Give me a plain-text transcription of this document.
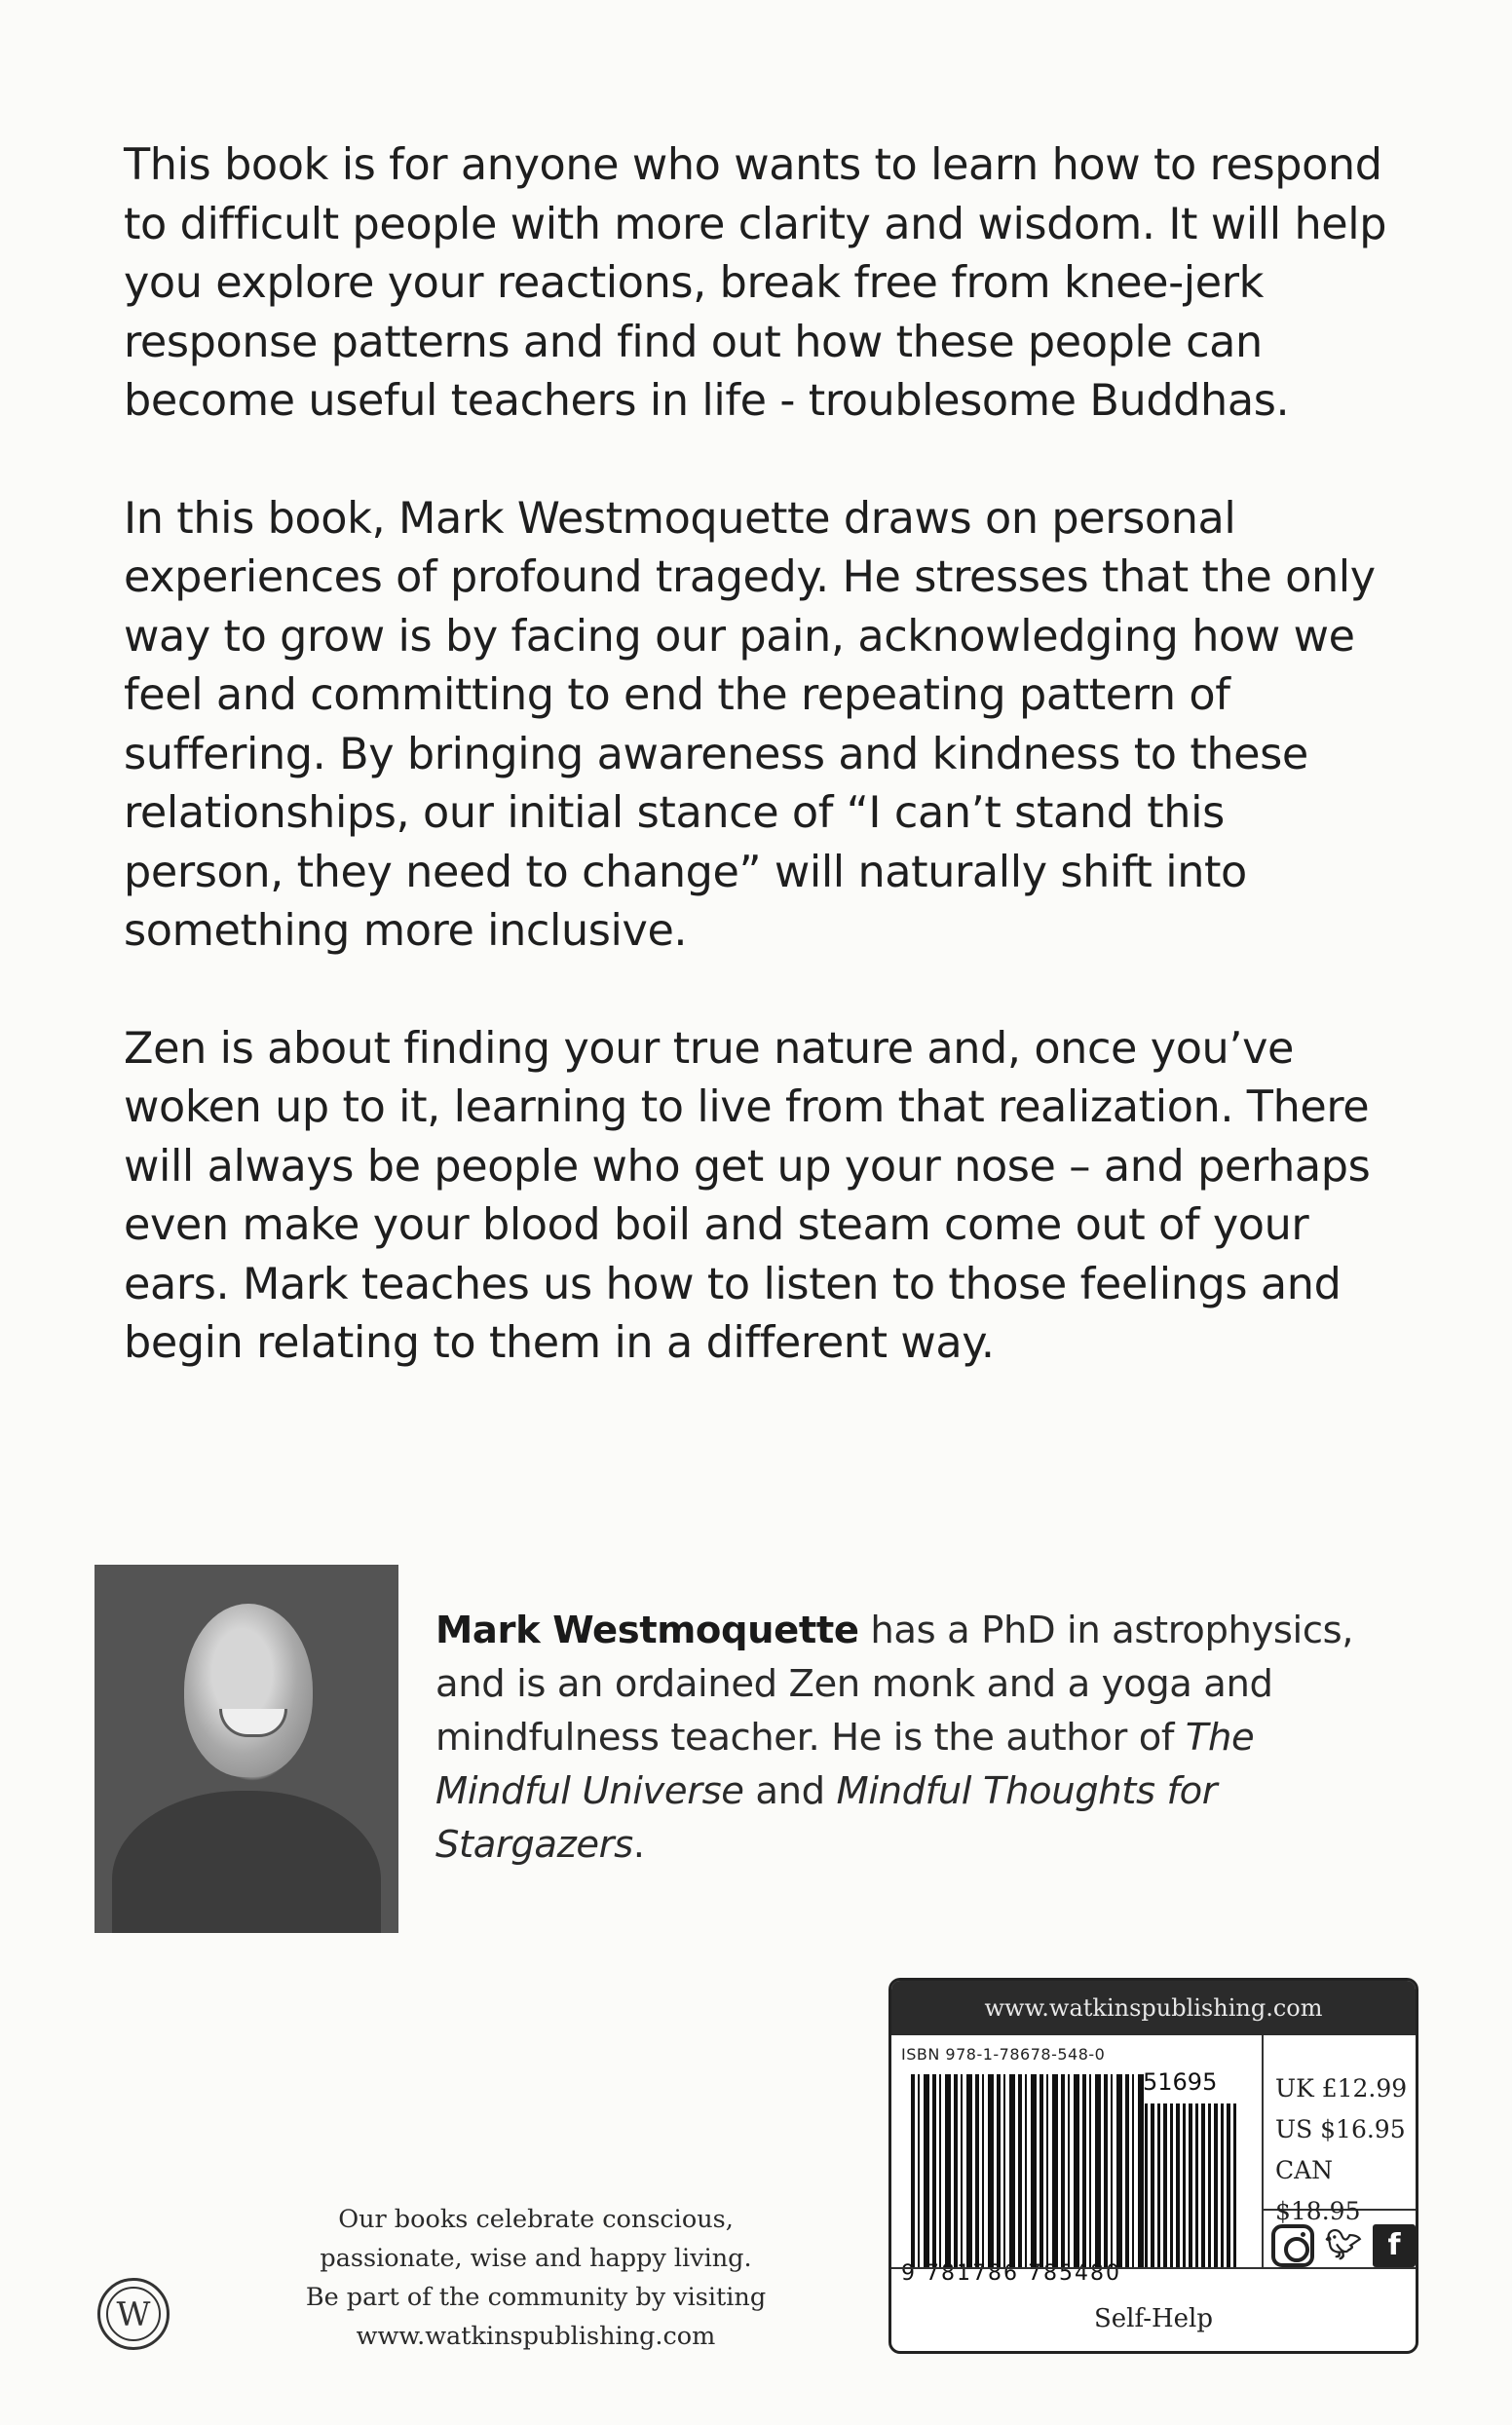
This book is for anyone who wants to learn how to respond to difficult people with more clarity and wisdom. It will help you explore your reactions, break free from knee-jerk response patterns and find out how these people can become useful teachers in life - troublesome Buddhas.

In this book, Mark Westmoquette draws on personal experiences of profound tragedy. He stresses that the only way to grow is by facing our pain, acknowledging how we feel and committing to end the repeating pattern of suffering. By bringing awareness and kindness to these relationships, our initial stance of “I can’t stand this person, they need to change” will naturally shift into something more inclusive.

Zen is about finding your true nature and, once you’ve woken up to it, learning to live from that realization. There will always be people who get up your nose – and perhaps even make your blood boil and steam come out of your ears. Mark teaches us how to listen to those feelings and begin relating to them in a different way.

Mark Westmoquette has a PhD in astrophysics, and is an ordained Zen monk and a yoga and mindfulness teacher. He is the author of The Mindful Universe and Mindful Thoughts for Stargazers.
W
Our books celebrate conscious,
passionate, wise and happy living.
Be part of the community by visiting
www.watkinspublishing.com
www.watkinspublishing.com
ISBN 978-1-78678-548-0
51695
9 781786 785480
UK £12.99
US $16.95
CAN $18.95
🐦︎ f
Self-Help
